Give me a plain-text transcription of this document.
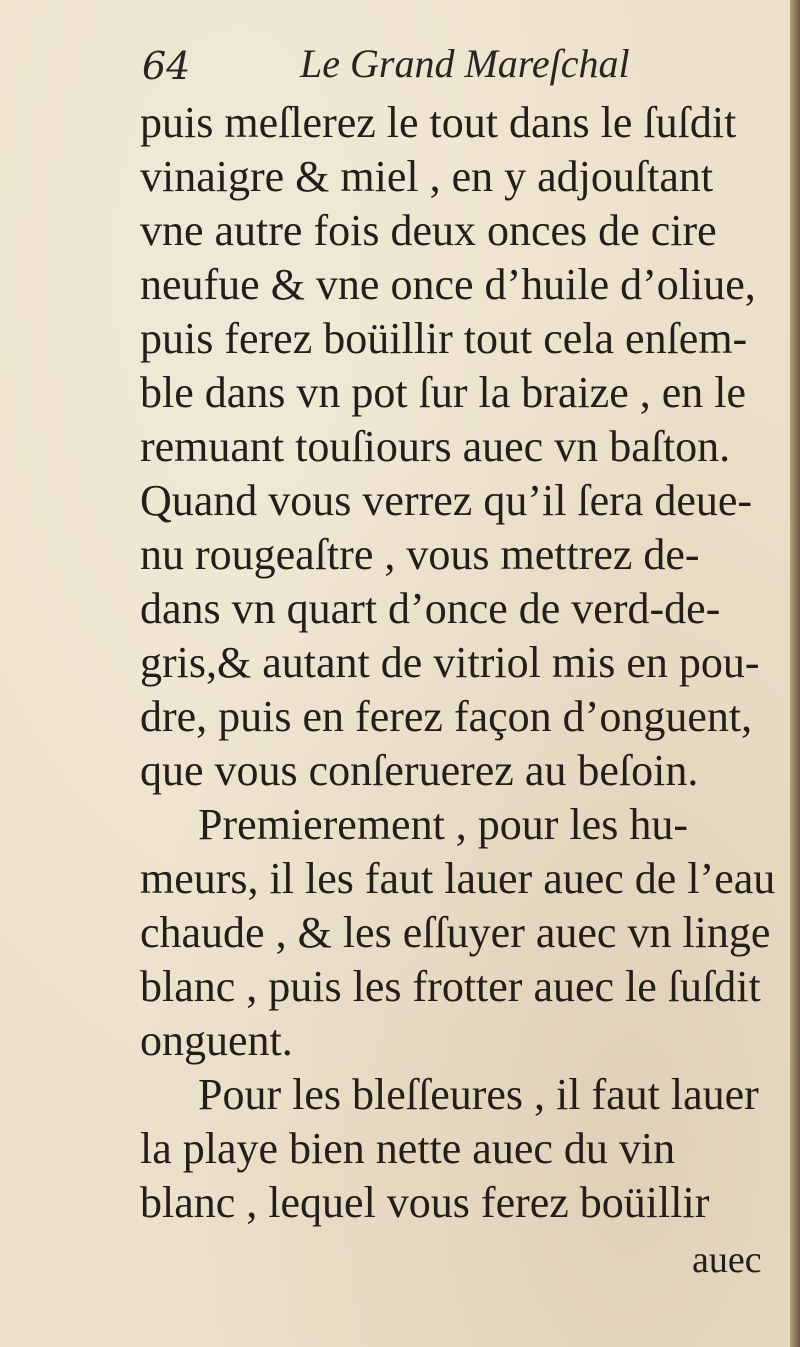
64	Le Grand Mareſchal
puis meſlerez le tout dans le ſuſdit
vinaigre & miel , en y adjouſtant
vne autre fois deux onces de cire
neufue & vne once d’huile d’oliue,
puis ferez boüillir tout cela enſem-
ble dans vn pot ſur la braize , en le
remuant touſiours auec vn baſton.
Quand vous verrez qu’il ſera deue-
nu rougeaſtre , vous mettrez de-
dans vn quart d’once de verd-de-
gris,& autant de vitriol mis en pou-
dre, puis en ferez façon d’onguent,
que vous conſeruerez au beſoin.
Premierement , pour les hu-
meurs, il les faut lauer auec de l’eau
chaude , & les eſſuyer auec vn linge
blanc , puis les frotter auec le ſuſdit
onguent.
Pour les bleſſeures , il faut lauer
la playe bien nette auec du vin
blanc , lequel vous ferez boüillir
auec
